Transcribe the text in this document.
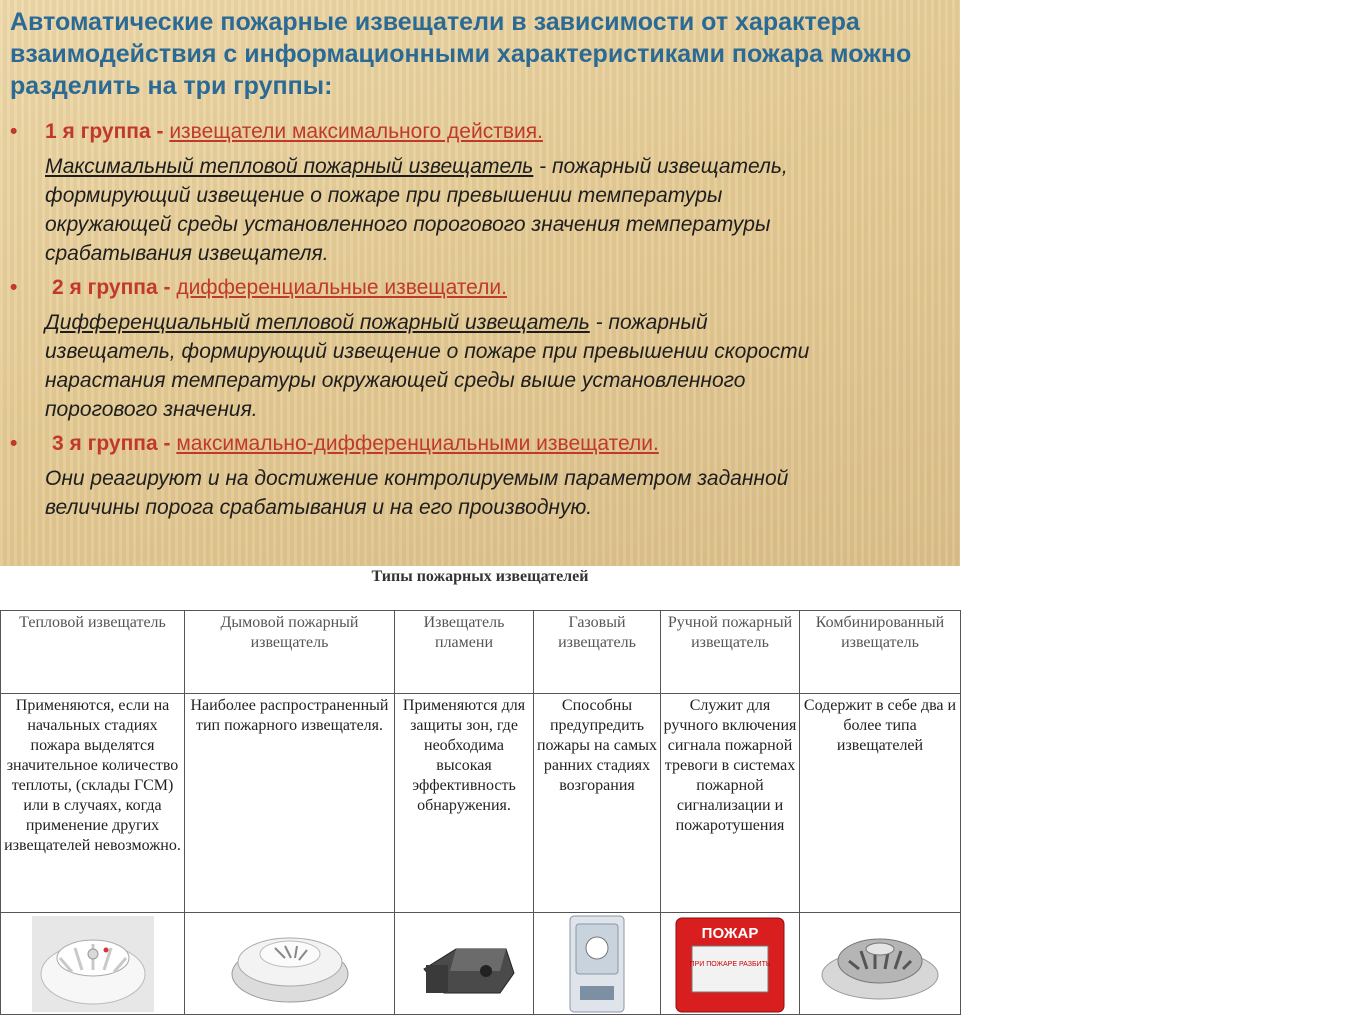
Автоматические пожарные извещатели в зависимости от характера взаимодействия с информационными характеристиками пожара можно разделить на три группы:
• 1 я группа - извещатели максимального действия.
Максимальный тепловой пожарный извещатель - пожарный извещатель, формирующий извещение о пожаре при превышении температуры окружающей среды установленного порогового значения температуры срабатывания извещателя.
• 2 я группа - дифференциальные извещатели.
Дифференциальный тепловой пожарный извещатель - пожарный извещатель, формирующий извещение о пожаре при превышении скорости нарастания температуры окружающей среды выше установленного порогового значения.
• 3 я группа - максимально-дифференциальными извещатели.
Они реагируют и на достижение контролируемым параметром заданной величины порога срабатывания и на его производную.
Типы пожарных извещателей
Тепловой извещатель	Дымовой пожарный извещатель	Извещатель пламени	Газовый извещатель	Ручной пожарный извещатель	Комбинированный извещатель
Применяются, если на начальных стадиях пожара выделятся значительное количество теплоты, (склады ГСМ) или в случаях, когда применение других извещателей невозможно.	Наиболее распространенный тип пожарного извещателя.	Применяются для защиты зон, где необходима высокая эффективность обнаружения.	Способны предупредить пожары на самых ранних стадиях возгорания	Служит для ручного включения сигнала пожарной тревоги в системах пожарной сигнализации и пожаротушения	Содержит в себе два и более типа извещателей

ПОЖАР
ПРИ ПОЖАРЕ РАЗБИТЬ
